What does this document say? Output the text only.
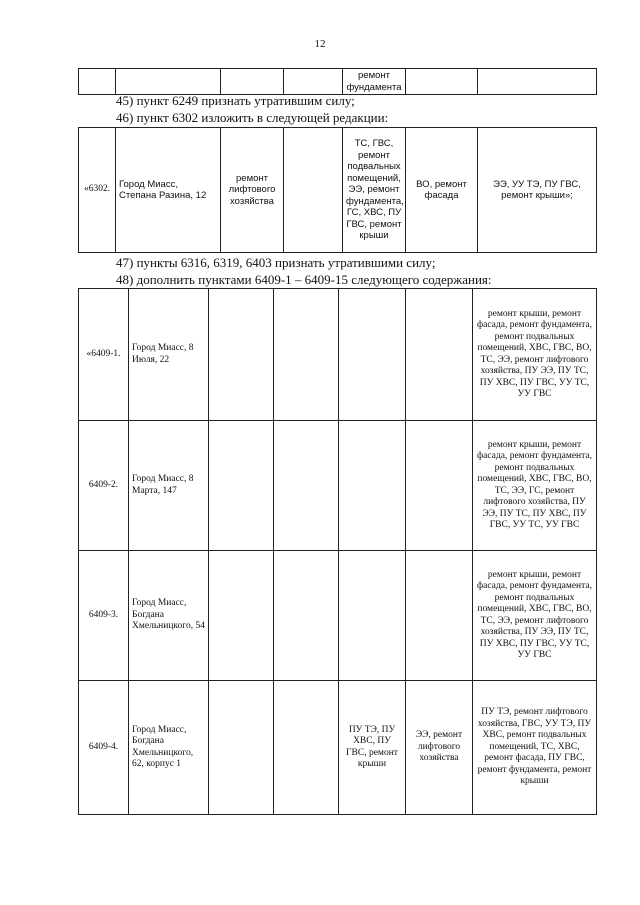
12
				ремонт фундамента		
45) пункт 6249 признать утратившим силу;
46) пункт 6302 изложить в следующей редакции:
«6302.	Город Миасс, Степана Разина, 12	ремонт лифтового хозяйства		ТС, ГВС, ремонт подвальных помещений, ЭЭ, ремонт фундамента, ГС, ХВС, ПУ ГВС, ремонт крыши	ВО, ремонт фасада	ЭЭ, УУ ТЭ, ПУ ГВС, ремонт крыши»;
47) пункты 6316, 6319, 6403 признать утратившими силу;
48) дополнить пунктами 6409-1 – 6409-15 следующего содержания:
«6409-1.	Город Миасс, 8 Июля, 22					ремонт крыши, ремонт фасада, ремонт фундамента, ремонт подвальных помещений, ХВС, ГВС, ВО, ТС, ЭЭ, ремонт лифтового хозяйства, ПУ ЭЭ, ПУ ТС, ПУ ХВС, ПУ ГВС, УУ ТС, УУ ГВС
6409-2.	Город Миасс, 8 Марта, 147					ремонт крыши, ремонт фасада, ремонт фундамента, ремонт подвальных помещений, ХВС, ГВС, ВО, ТС, ЭЭ, ГС, ремонт лифтового хозяйства, ПУ ЭЭ, ПУ ТС, ПУ ХВС, ПУ ГВС, УУ ТС, УУ ГВС
6409-3.	Город Миасс, Богдана Хмельницкого, 54					ремонт крыши, ремонт фасада, ремонт фундамента, ремонт подвальных помещений, ХВС, ГВС, ВО, ТС, ЭЭ, ремонт лифтового хозяйства, ПУ ЭЭ, ПУ ТС, ПУ ХВС, ПУ ГВС, УУ ТС, УУ ГВС
6409-4.	Город Миасс, Богдана Хмельницкого, 62, корпус 1			ПУ ТЭ, ПУ ХВС, ПУ ГВС, ремонт крыши	ЭЭ, ремонт лифтового хозяйства	ПУ ТЭ, ремонт лифтового хозяйства, ГВС, УУ ТЭ, ПУ ХВС, ремонт подвальных помещений, ТС, ХВС, ремонт фасада, ПУ ГВС, ремонт фундамента, ремонт крыши
